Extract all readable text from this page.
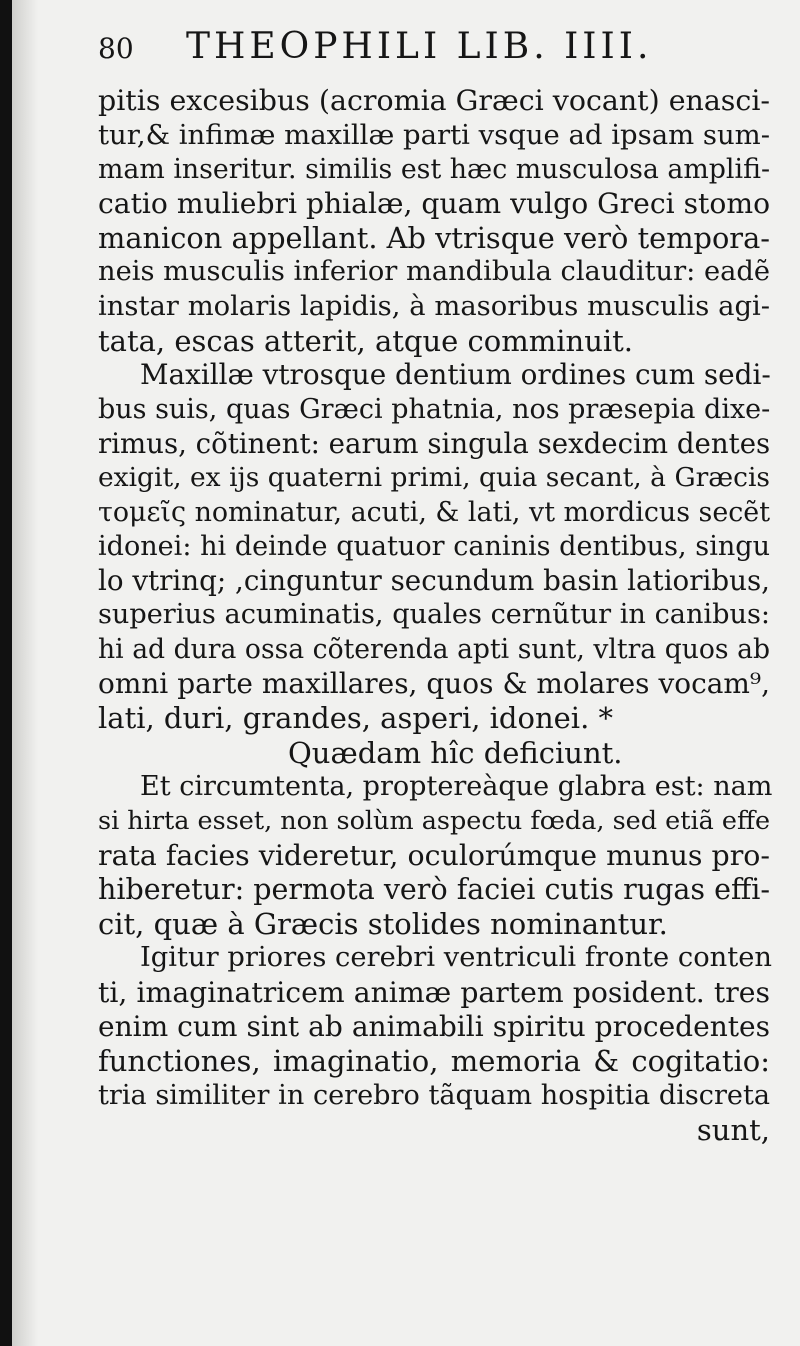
80	THEOPHILI LIB. IIII.
pitis excesibus (acromia Græci vocant) enasci-
tur,& infimæ maxillæ parti vsque ad ipsam sum-
mam inseritur. similis est hæc musculosa amplifi-
catio muliebri phialæ, quam vulgo Greci stomo
manicon appellant. Ab vtrisque verò tempora-
neis musculis inferior mandibula clauditur: eadẽ
instar molaris lapidis, à masoribus musculis agi-
tata, escas atterit, atque comminuit.
Maxillæ vtrosque dentium ordines cum sedi-
bus suis, quas Græci phatnia, nos præsepia dixe-
rimus, cõtinent: earum singula sexdecim dentes
exigit, ex ijs quaterni primi, quia secant, à Græcis
τομεῖς nominatur, acuti, & lati, vt mordicus secẽt
idonei: hi deinde quatuor caninis dentibus, singu
lo vtrinq; ,cinguntur secundum basin latioribus,
superius acuminatis, quales cernũtur in canibus:
hi ad dura ossa cõterenda apti sunt, vltra quos ab
omni parte maxillares, quos & molares vocam⁹,
lati, duri, grandes, asperi, idonei. *
Quædam hîc deficiunt.
Et circumtenta, proptereàque glabra est: nam
si hirta esset, non solùm aspectu fœda, sed etiã effe
rata facies videretur, oculorúmque munus pro-
hiberetur: permota verò faciei cutis rugas effi-
cit, quæ à Græcis stolides nominantur.
Igitur priores cerebri ventriculi fronte conten
ti, imaginatricem animæ partem posident. tres
enim cum sint ab animabili spiritu procedentes
functiones, imaginatio, memoria & cogitatio:
tria similiter in cerebro tãquam hospitia discreta
sunt,
